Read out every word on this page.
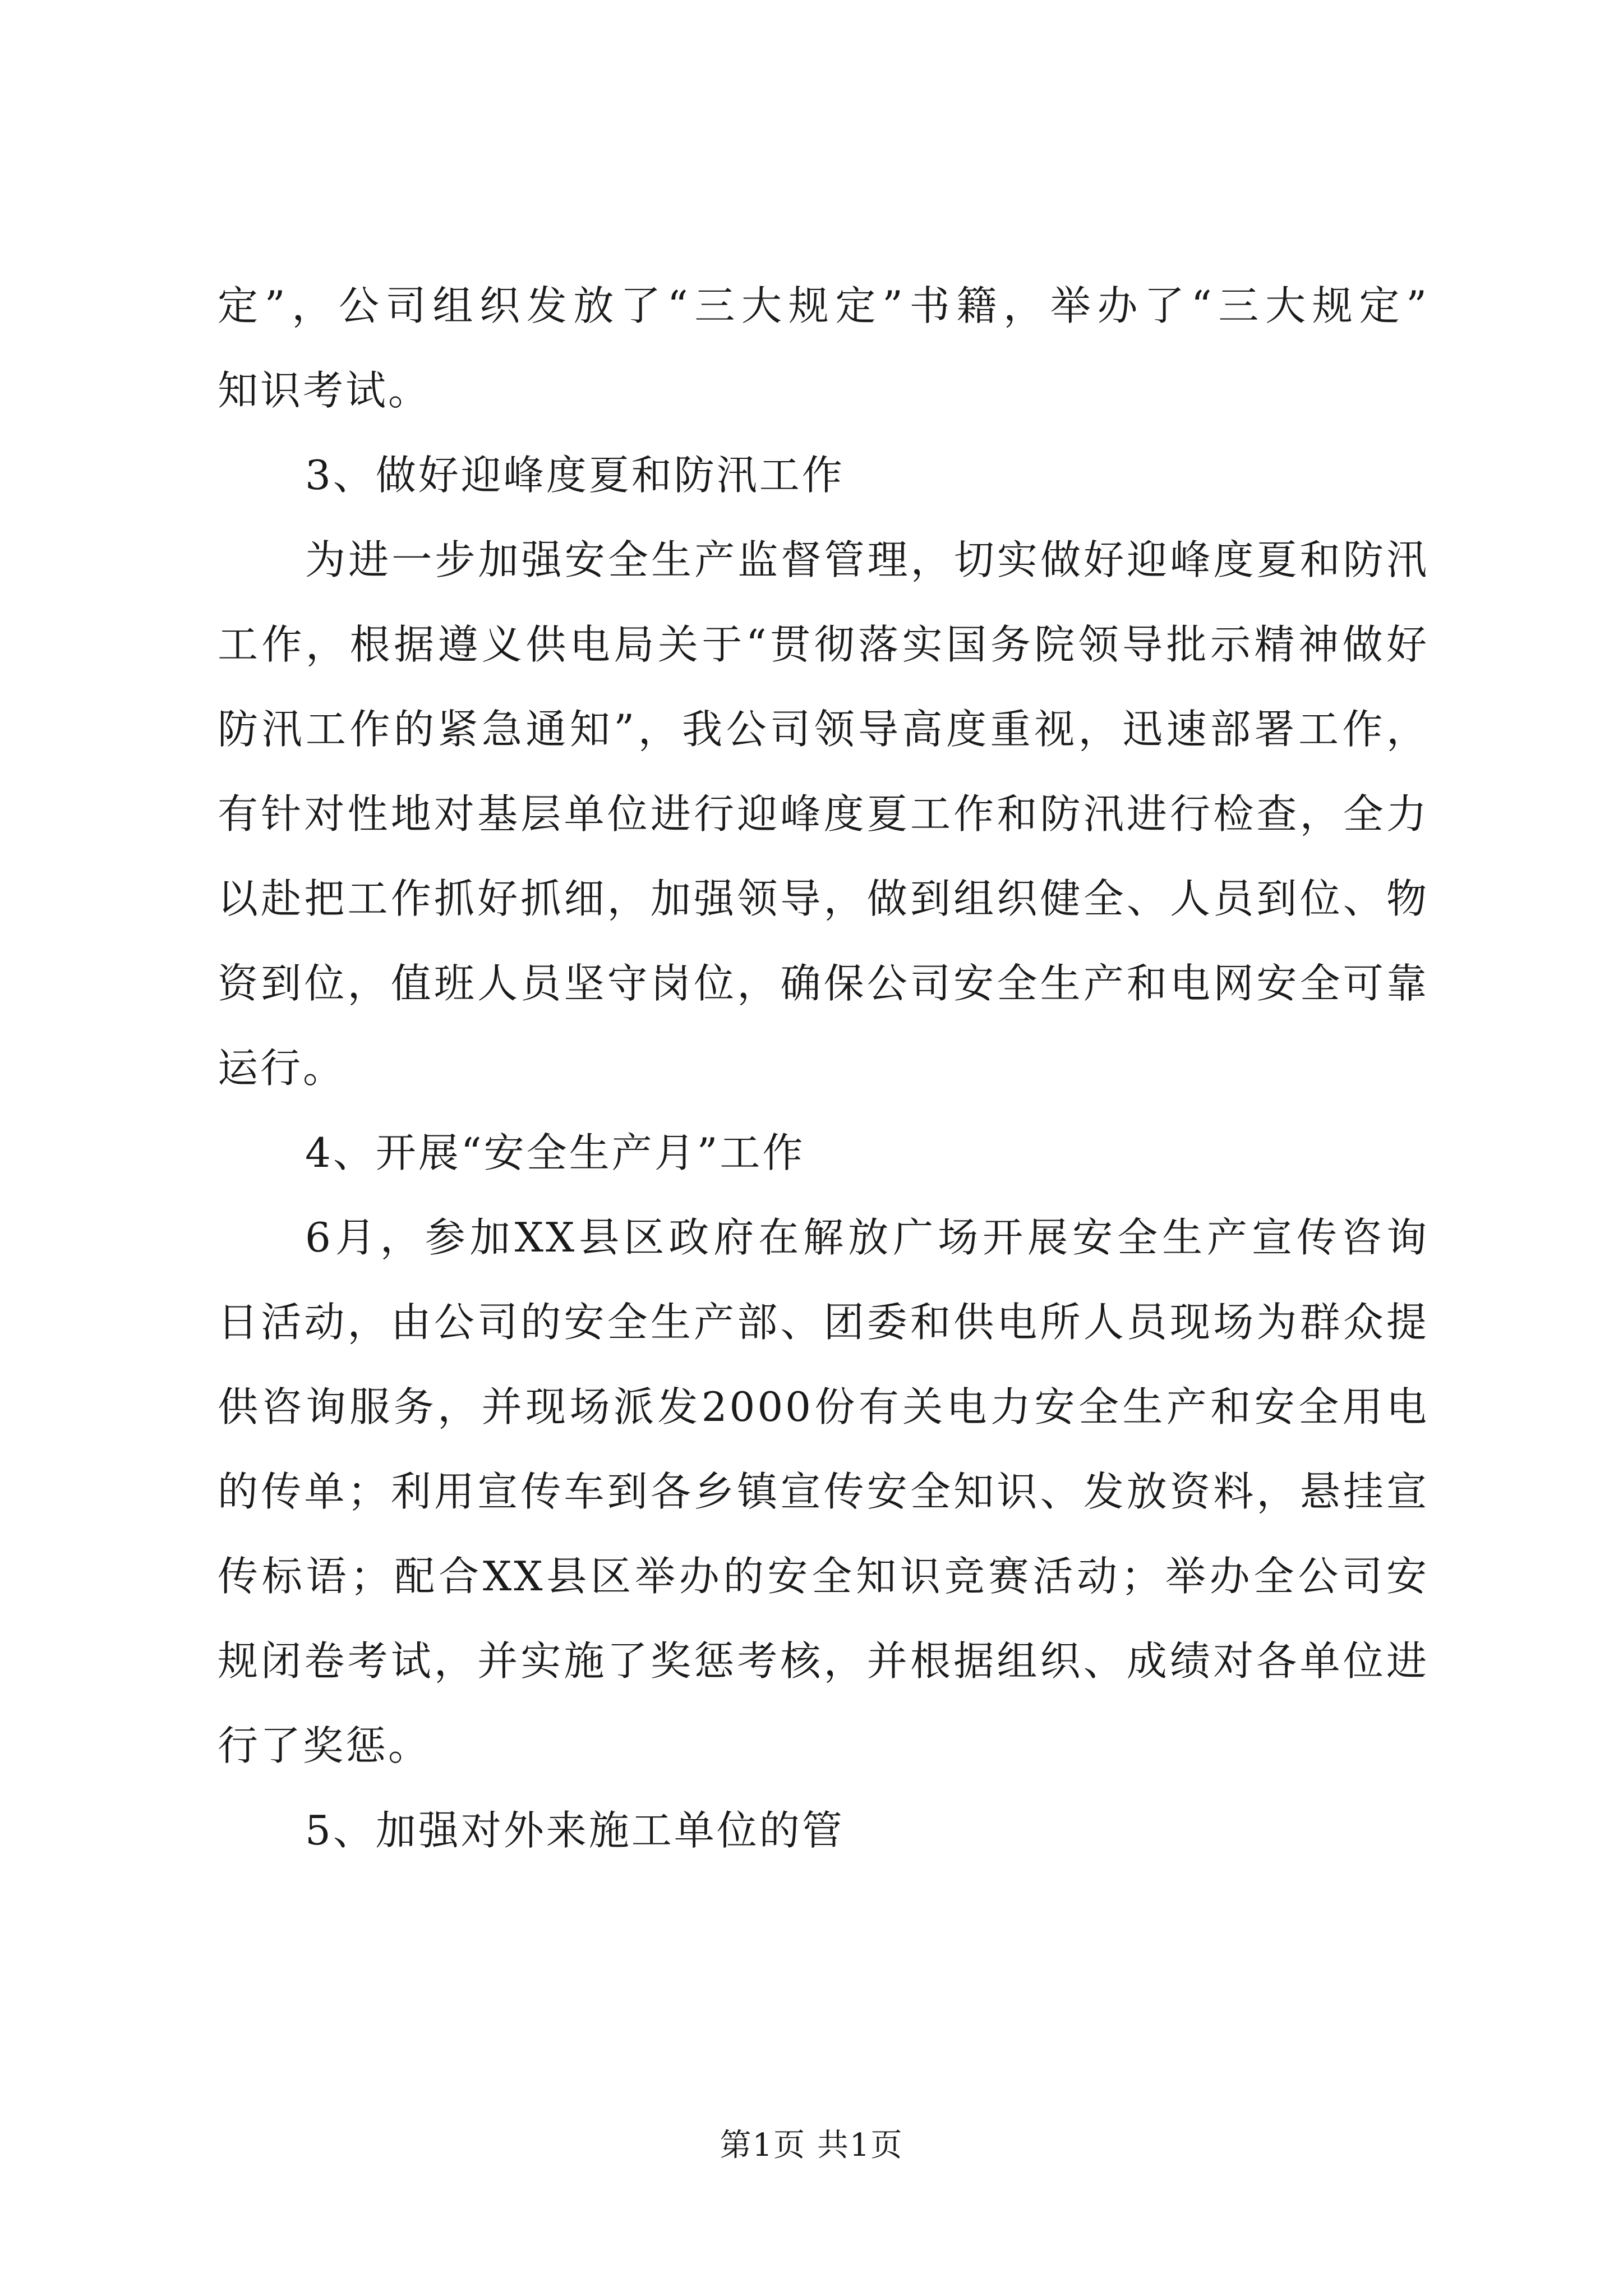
定”，公司组织发放了“三大规定”书籍，举办了“三大规定”
知识考试。
3、做好迎峰度夏和防汛工作
为进一步加强安全生产监督管理，切实做好迎峰度夏和防汛
工作，根据遵义供电局关于“贯彻落实国务院领导批示精神做好
防汛工作的紧急通知”，我公司领导高度重视，迅速部署工作，
有针对性地对基层单位进行迎峰度夏工作和防汛进行检查，全力
以赴把工作抓好抓细，加强领导，做到组织健全、人员到位、物
资到位，值班人员坚守岗位，确保公司安全生产和电网安全可靠
运行。
4、开展“安全生产月”工作
6月，参加XX县区政府在解放广场开展安全生产宣传咨询
日活动，由公司的安全生产部、团委和供电所人员现场为群众提
供咨询服务，并现场派发2000份有关电力安全生产和安全用电
的传单；利用宣传车到各乡镇宣传安全知识、发放资料，悬挂宣
传标语；配合XX县区举办的安全知识竞赛活动；举办全公司安
规闭卷考试，并实施了奖惩考核，并根据组织、成绩对各单位进
行了奖惩。
5、加强对外来施工单位的管
第1页 共1页
